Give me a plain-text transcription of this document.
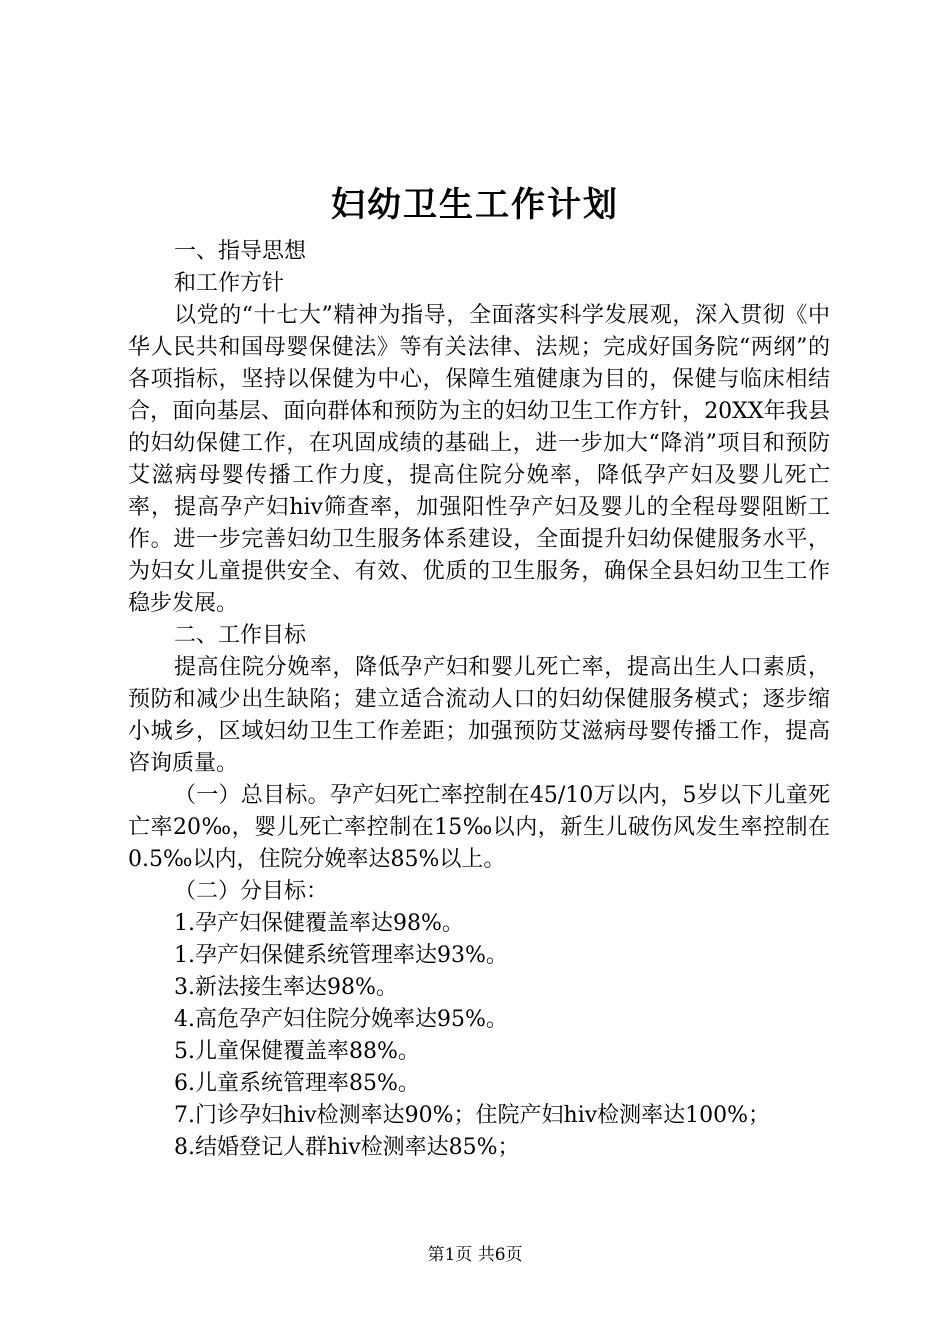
妇幼卫生工作计划

一、指导思想

和工作方针

以党的“十七大”精神为指导，全面落实科学发展观，深入贯彻《中华人民共和国母婴保健法》等有关法律、法规；完成好国务院“两纲”的各项指标，坚持以保健为中心，保障生殖健康为目的，保健与临床相结合，面向基层、面向群体和预防为主的妇幼卫生工作方针，20XX年我县的妇幼保健工作，在巩固成绩的基础上，进一步加大“降消”项目和预防艾滋病母婴传播工作力度，提高住院分娩率，降低孕产妇及婴儿死亡率，提高孕产妇hiv筛查率，加强阳性孕产妇及婴儿的全程母婴阻断工作。进一步完善妇幼卫生服务体系建设，全面提升妇幼保健服务水平，为妇女儿童提供安全、有效、优质的卫生服务，确保全县妇幼卫生工作稳步发展。

二、工作目标

提高住院分娩率，降低孕产妇和婴儿死亡率，提高出生人口素质，预防和减少出生缺陷；建立适合流动人口的妇幼保健服务模式；逐步缩小城乡，区域妇幼卫生工作差距；加强预防艾滋病母婴传播工作，提高咨询质量。

（一）总目标。孕产妇死亡率控制在45/10万以内，5岁以下儿童死亡率20‰，婴儿死亡率控制在15‰以内，新生儿破伤风发生率控制在0.5‰以内，住院分娩率达85%以上。

（二）分目标：

1.孕产妇保健覆盖率达98%。

1.孕产妇保健系统管理率达93%。

3.新法接生率达98%。

4.高危孕产妇住院分娩率达95%。

5.儿童保健覆盖率88%。

6.儿童系统管理率85%。

7.门诊孕妇hiv检测率达90%；住院产妇hiv检测率达100%；

8.结婚登记人群hiv检测率达85%；

第1页 共6页
